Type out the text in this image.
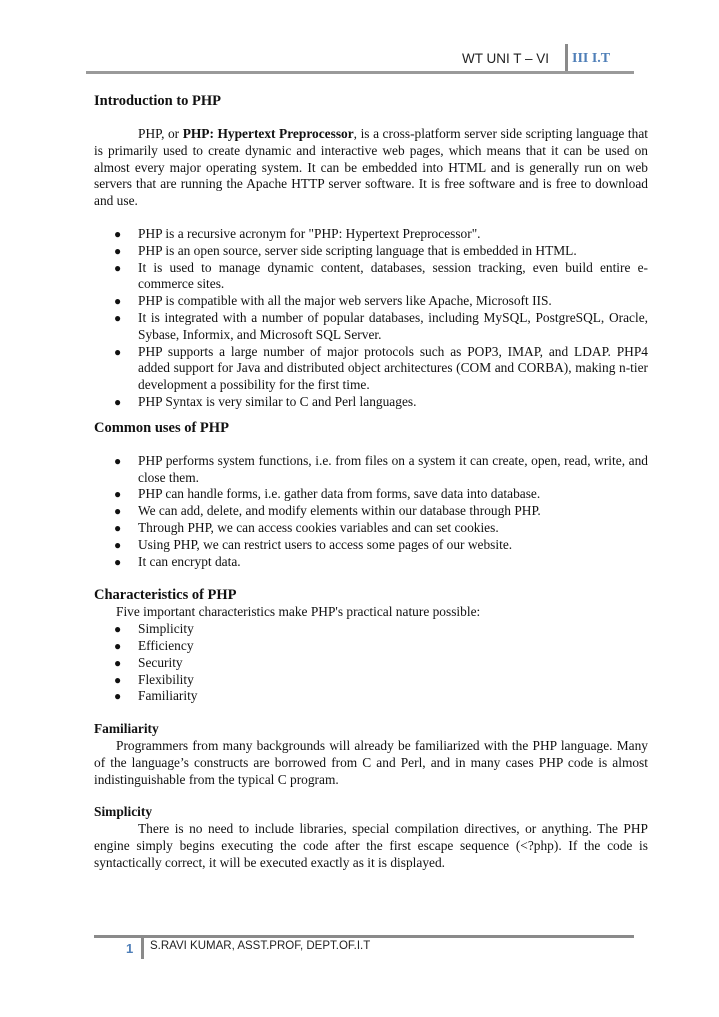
WT UNI T – VI III I.T
Introduction to PHP

PHP, or PHP: Hypertext Preprocessor, is a cross-platform server side scripting language that is primarily used to create dynamic and interactive web pages, which means that it can be used on almost every major operating system. It can be embedded into HTML and is generally run on web servers that are running the Apache HTTP server software. It is free software and is free to download and use.

● PHP is a recursive acronym for "PHP: Hypertext Preprocessor".
● PHP is an open source, server side scripting language that is embedded in HTML.
● It is used to manage dynamic content, databases, session tracking, even build entire e-commerce sites.
● PHP is compatible with all the major web servers like Apache, Microsoft IIS.
● It is integrated with a number of popular databases, including MySQL, PostgreSQL, Oracle, Sybase, Informix, and Microsoft SQL Server.
● PHP supports a large number of major protocols such as POP3, IMAP, and LDAP. PHP4 added support for Java and distributed object architectures (COM and CORBA), making n-tier development a possibility for the first time.
● PHP Syntax is very similar to C and Perl languages.
Common uses of PHP
● PHP performs system functions, i.e. from files on a system it can create, open, read, write, and close them.
● PHP can handle forms, i.e. gather data from forms, save data into database.
● We can add, delete, and modify elements within our database through PHP.
● Through PHP, we can access cookies variables and can set cookies.
● Using PHP, we can restrict users to access some pages of our website.
● It can encrypt data.
Characteristics of PHP

Five important characteristics make PHP's practical nature possible:

● Simplicity
● Efficiency
● Security
● Flexibility
● Familiarity
Familiarity

Programmers from many backgrounds will already be familiarized with the PHP language. Many of the language’s constructs are borrowed from C and Perl, and in many cases PHP code is almost indistinguishable from the typical C program.

Simplicity

There is no need to include libraries, special compilation directives, or anything. The PHP engine simply begins executing the code after the first escape sequence (<?php). If the code is syntactically correct, it will be executed exactly as it is displayed.

1 S.RAVI KUMAR, ASST.PROF, DEPT.OF.I.T
